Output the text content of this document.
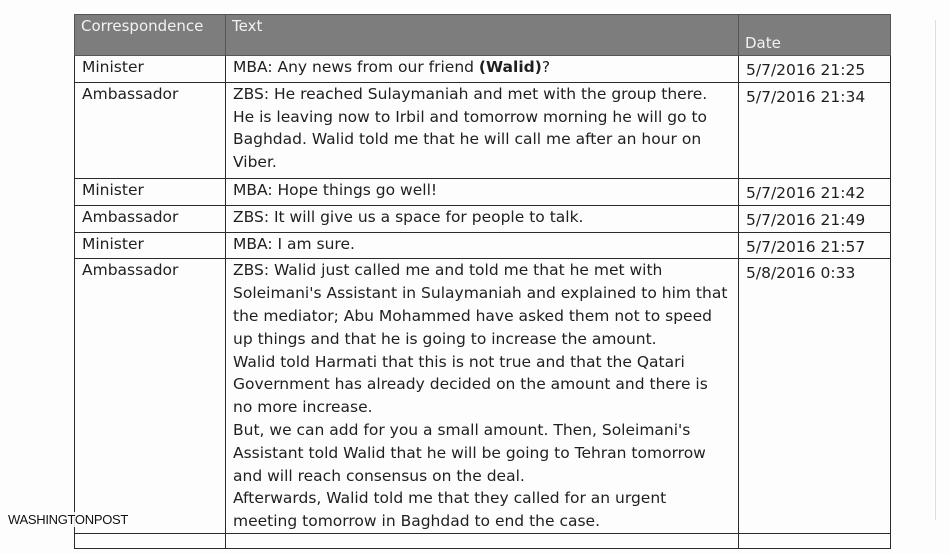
Correspondence	Text	Date
Minister	MBA: Any news from our friend (Walid)?	5/7/2016 21:25
Ambassador	ZBS: He reached Sulaymaniah and met with the group there. He is leaving now to Irbil and tomorrow morning he will go to Baghdad. Walid told me that he will call me after an hour on Viber.	5/7/2016 21:34
Minister	MBA: Hope things go well!	5/7/2016 21:42
Ambassador	ZBS: It will give us a space for people to talk.	5/7/2016 21:49
Minister	MBA: I am sure.	5/7/2016 21:57
Ambassador	ZBS: Walid just called me and told me that he met with Soleimani's Assistant in Sulaymaniah and explained to him that the mediator; Abu Mohammed have asked them not to speed up things and that he is going to increase the amount.
Walid told Harmati that this is not true and that the Qatari Government has already decided on the amount and there is no more increase.
But, we can add for you a small amount. Then, Soleimani's Assistant told Walid that he will be going to Tehran tomorrow and will reach consensus on the deal.
Afterwards, Walid told me that they called for an urgent meeting tomorrow in Baghdad to end the case.	5/8/2016 0:33

WASHINGTONPOST
